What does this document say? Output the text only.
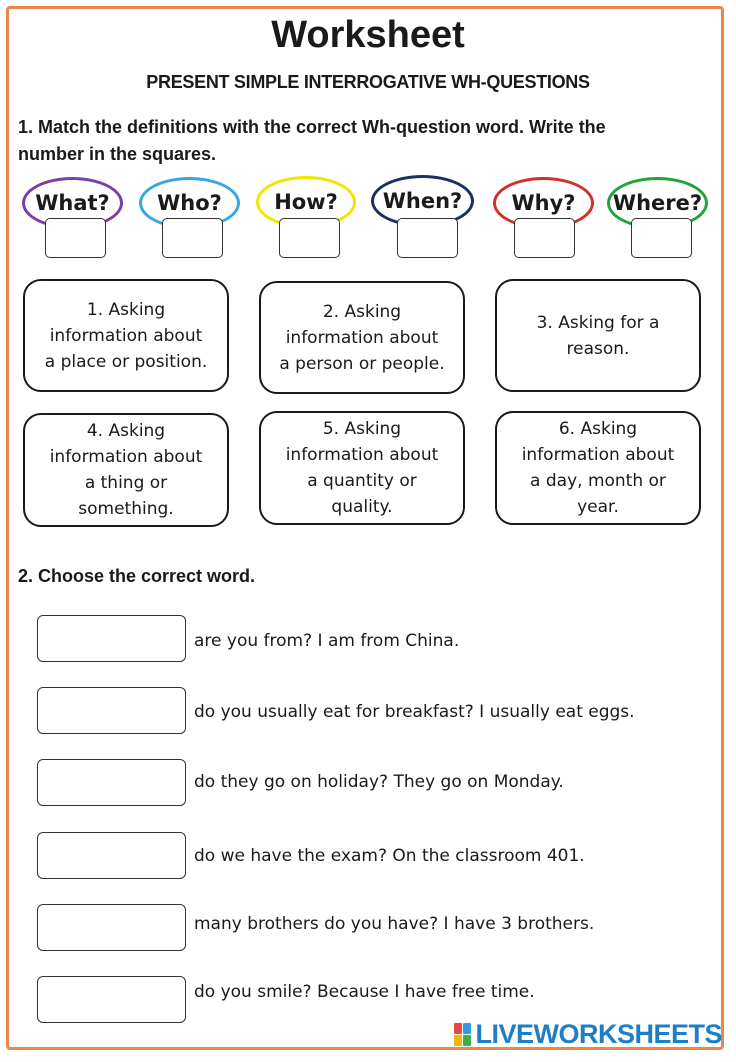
Worksheet
PRESENT SIMPLE INTERROGATIVE WH-QUESTIONS
1. Match the definitions with the correct Wh-question word. Write the
number in the squares.
What? Who? How? When? Why? Where?
1. Asking
information about
a place or position.
2. Asking
information about
a person or people.
3. Asking for a
reason.
4. Asking
information about
a thing or
something.
5. Asking
information about
a quantity or
quality.
6. Asking
information about
a day, month or
year.
2. Choose the correct word.
are you from? I am from China.
do you usually eat for breakfast? I usually eat eggs.
do they go on holiday? They go on Monday.
do we have the exam? On the classroom 401.
many brothers do you have? I have 3 brothers.
do you smile? Because I have free time.
LIVEWORKSHEETS
